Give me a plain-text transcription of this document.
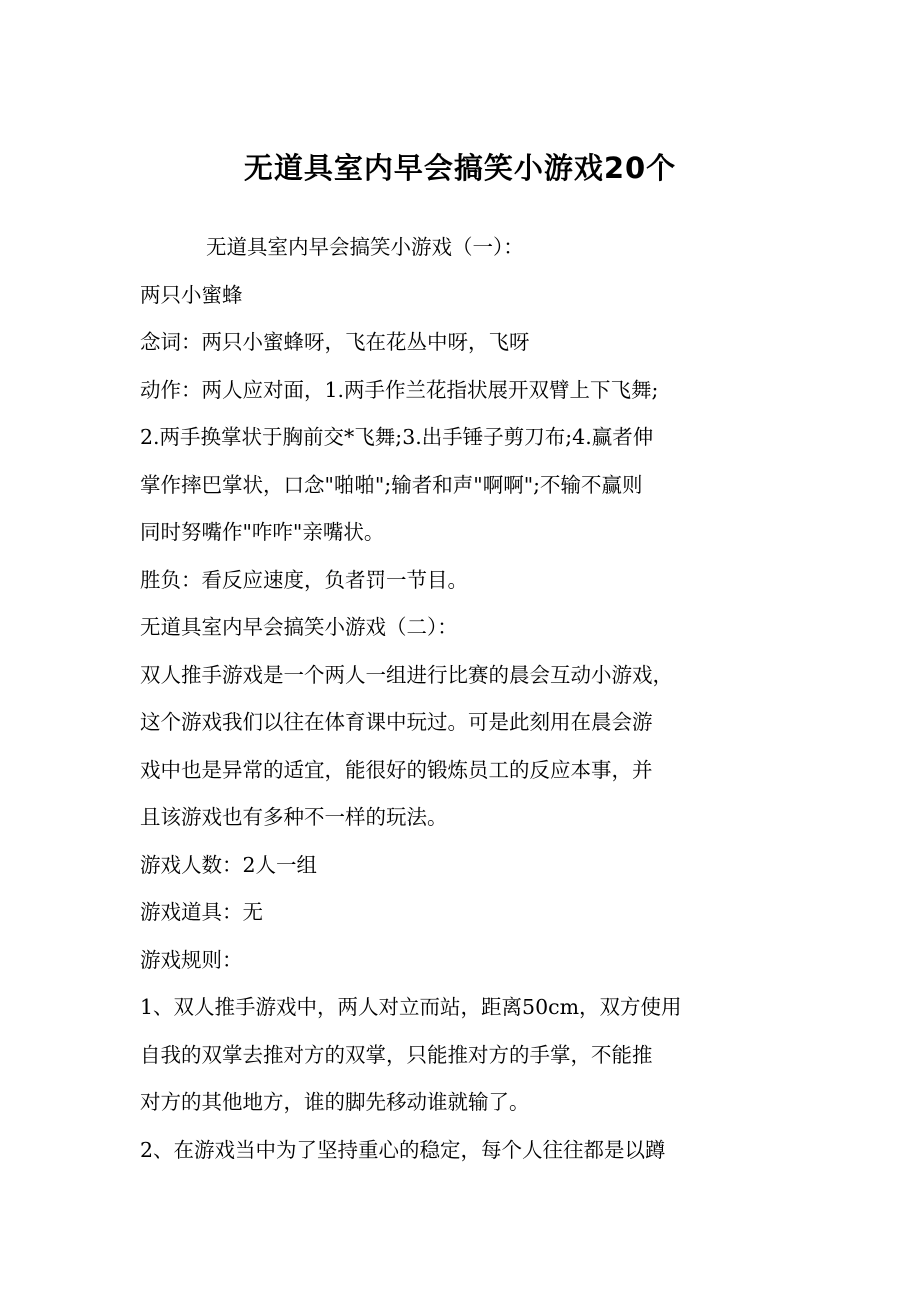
无道具室内早会搞笑小游戏20个
无道具室内早会搞笑小游戏（一）：
两只小蜜蜂
念词：两只小蜜蜂呀，飞在花丛中呀，飞呀
动作：两人应对面，1.两手作兰花指状展开双臂上下飞舞;
2.两手换掌状于胸前交*飞舞;3.出手锤子剪刀布;4.赢者伸
掌作摔巴掌状，口念"啪啪";输者和声"啊啊";不输不赢则
同时努嘴作"咋咋"亲嘴状。
胜负：看反应速度，负者罚一节目。
无道具室内早会搞笑小游戏（二）：
双人推手游戏是一个两人一组进行比赛的晨会互动小游戏，
这个游戏我们以往在体育课中玩过。可是此刻用在晨会游
戏中也是异常的适宜，能很好的锻炼员工的反应本事，并
且该游戏也有多种不一样的玩法。
游戏人数：2人一组
游戏道具：无
游戏规则：
1、双人推手游戏中，两人对立而站，距离50cm，双方使用
自我的双掌去推对方的双掌，只能推对方的手掌，不能推
对方的其他地方，谁的脚先移动谁就输了。
2、在游戏当中为了坚持重心的稳定，每个人往往都是以蹲
